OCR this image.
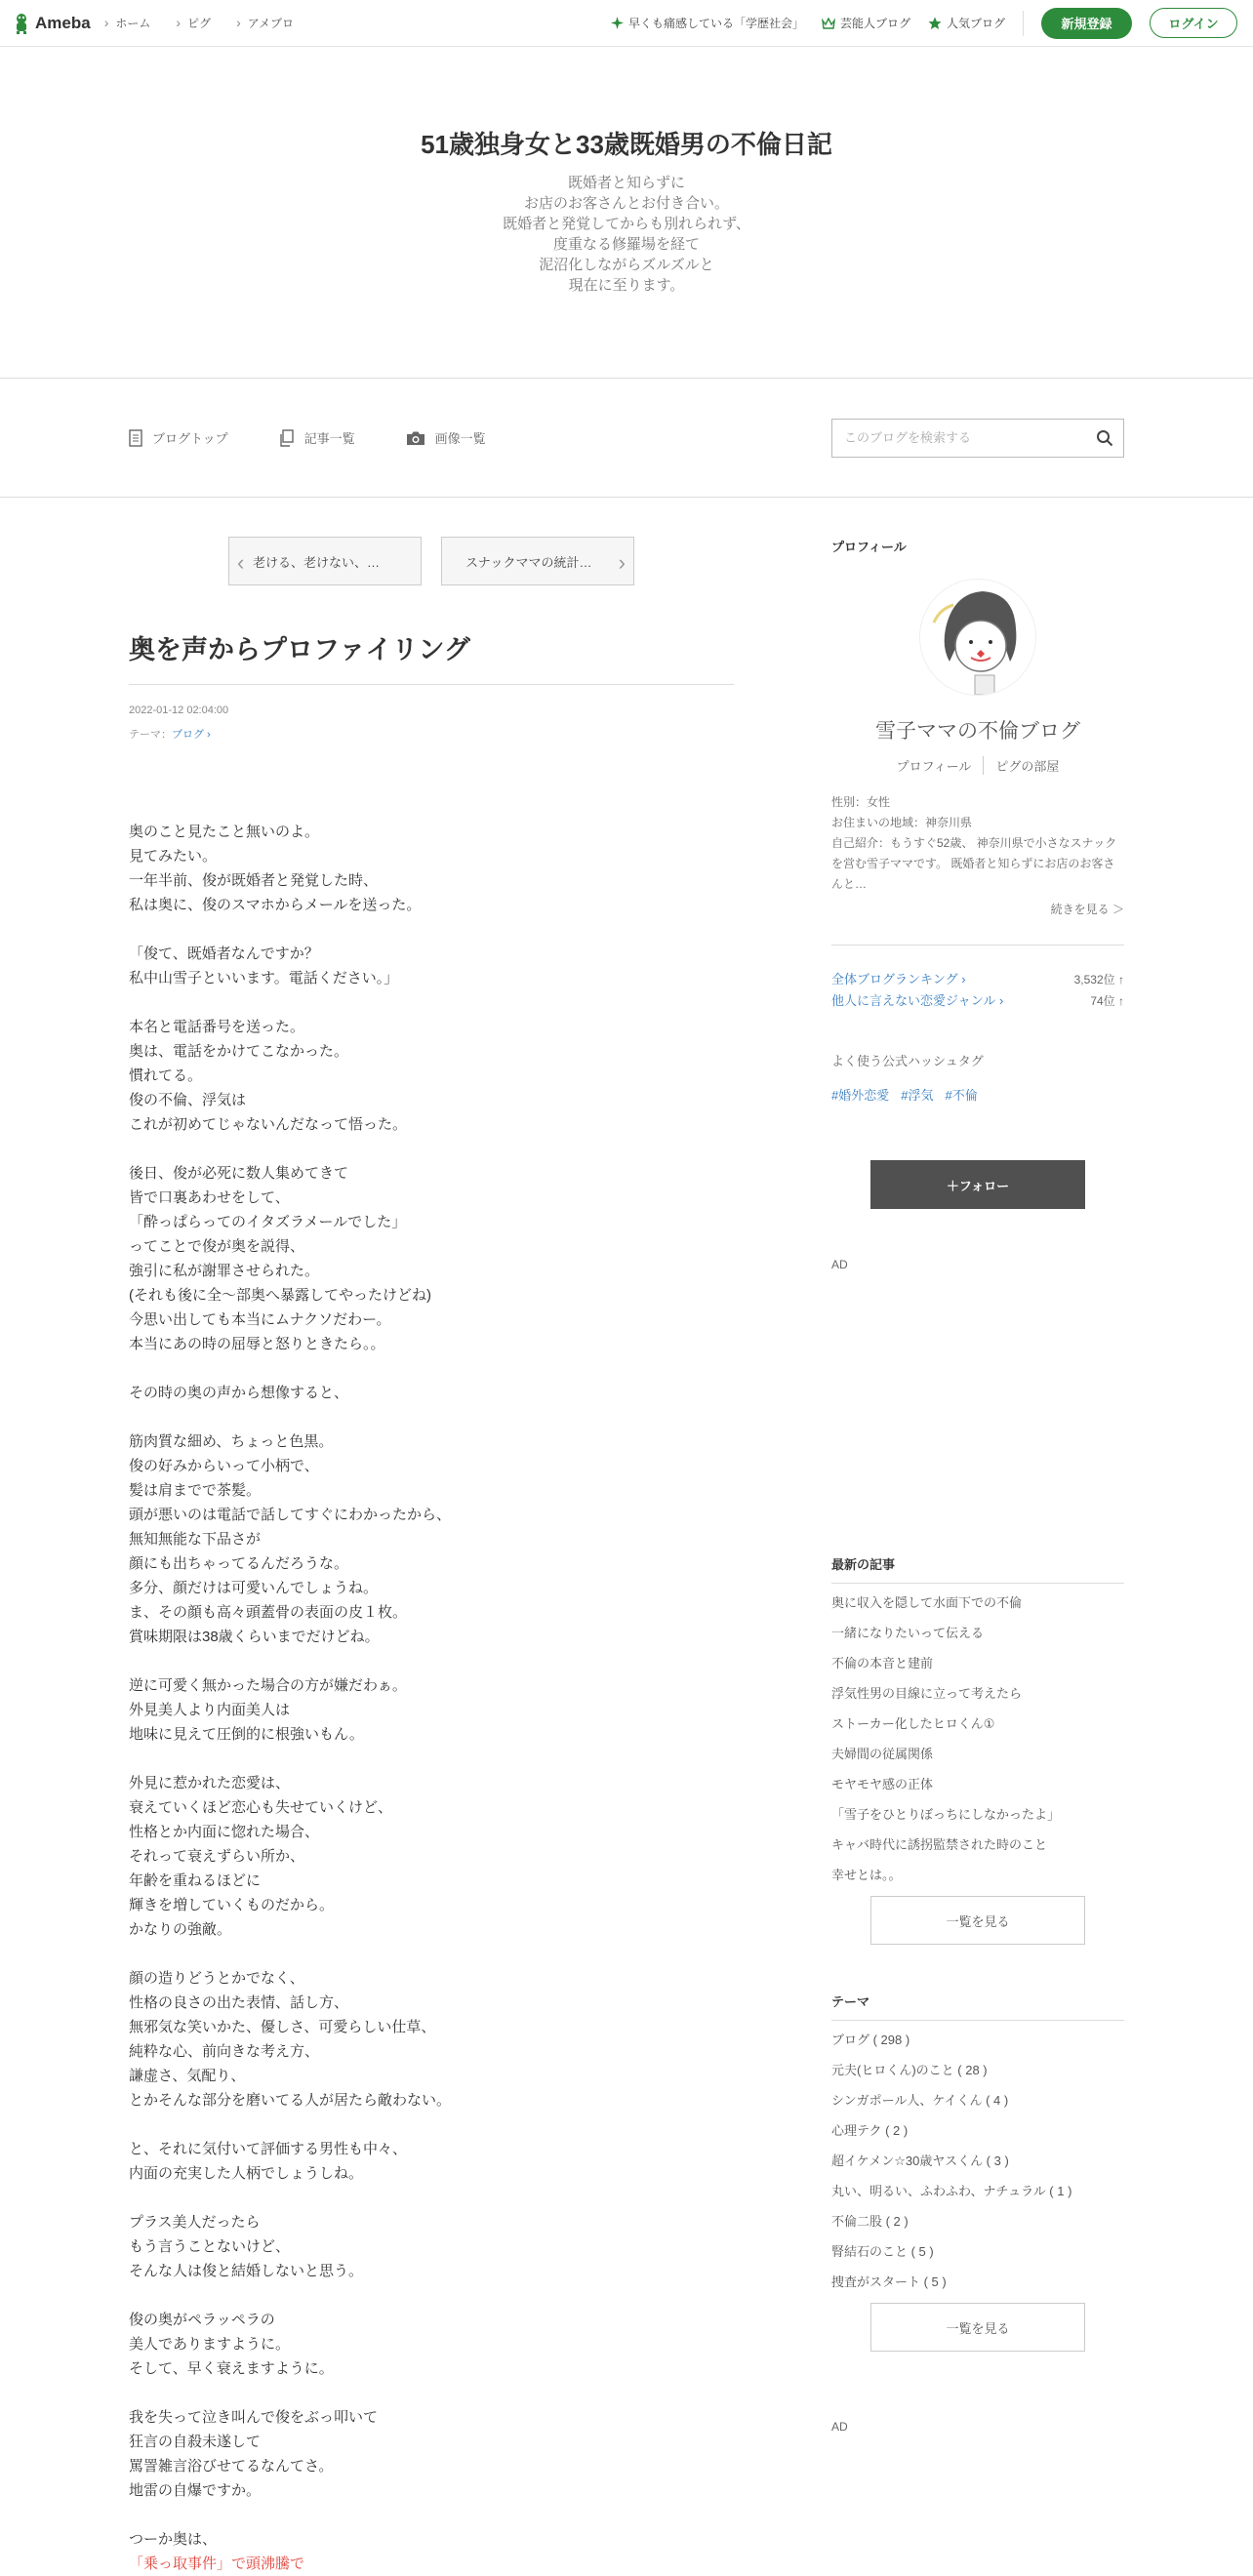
Ameba	› ホーム	› ピグ	› アメブロ	早くも痛感している「学歴社会」	芸能人ブログ	人気ブログ	新規登録	ログイン
51歳独身女と33歳既婚男の不倫日記

既婚者と知らずに
お店のお客さんとお付き合い。
既婚者と発覚してからも別れられず、
度重なる修羅場を経て
泥沼化しながらズルズルと
現在に至ります。

ブログトップ	記事一覧	画像一覧
このブログを検索する
‹ 老ける、老けない、…	スナックママの統計… ›
奥を声からプロファイリング
2022-01-12 02:04:00
テーマ：ブログ ›
奥のこと見たこと無いのよ。
見てみたい。
一年半前、俊が既婚者と発覚した時、
私は奥に、俊のスマホからメールを送った。

「俊て、既婚者なんですか？
私中山雪子といいます。電話ください。」

本名と電話番号を送った。
奥は、電話をかけてこなかった。
慣れてる。
俊の不倫、浮気は
これが初めてじゃないんだなって悟った。

後日、俊が必死に数人集めてきて
皆で口裏あわせをして、
「酔っぱらってのイタズラメールでした」
ってことで俊が奥を説得、
強引に私が謝罪させられた。
(それも後に全～部奥へ暴露してやったけどね)
今思い出しても本当にムナクソだわー。
本当にあの時の屈辱と怒りときたら。。

その時の奥の声から想像すると、

筋肉質な細め、ちょっと色黒。
俊の好みからいって小柄で、
髪は肩までで茶髪。
頭が悪いのは電話で話してすぐにわかったから、
無知無能な下品さが
顔にも出ちゃってるんだろうな。
多分、顔だけは可愛いんでしょうね。
ま、その顔も高々頭蓋骨の表面の皮１枚。
賞味期限は38歳くらいまでだけどね。

逆に可愛く無かった場合の方が嫌だわぁ。
外見美人より内面美人は
地味に見えて圧倒的に根強いもん。

外見に惹かれた恋愛は、
衰えていくほど恋心も失せていくけど、
性格とか内面に惚れた場合、
それって衰えずらい所か、
年齢を重ねるほどに
輝きを増していくものだから。
かなりの強敵。

顔の造りどうとかでなく、
性格の良さの出た表情、話し方、
無邪気な笑いかた、優しさ、可愛らしい仕草、
純粋な心、前向きな考え方、
謙虚さ、気配り、
とかそんな部分を磨いてる人が居たら敵わない。

と、それに気付いて評価する男性も中々、
内面の充実した人柄でしょうしね。

プラス美人だったら
もう言うことないけど、
そんな人は俊と結婚しないと思う。

俊の奥がペラッペラの
美人でありますように。
そして、早く衰えますように。

我を失って泣き叫んで俊をぶっ叩いて
狂言の自殺未遂して
罵詈雑言浴びせてるなんてさ。
地雷の自爆ですか。

つーか奥は、
「乗っ取事件」で頭沸騰で
プロフィール
雪子ママの不倫ブログ
プロフィール	ピグの部屋
性別：女性
お住まいの地域：神奈川県
自己紹介：もうすぐ52歳、 神奈川県で小さなスナックを営む雪子ママです。 既婚者と知らずにお店のお客さんと…
続きを見る ＞
全体ブログランキング ›	3,532位 ↑
他人に言えない恋愛ジャンル ›	74位 ↑
よく使う公式ハッシュタグ
#婚外恋愛 #浮気 #不倫
＋フォロー
AD
最新の記事
奥に収入を隠して水面下での不倫
一緒になりたいって伝える
不倫の本音と建前
浮気性男の目線に立って考えたら
ストーカー化したヒロくん①
夫婦間の従属関係
モヤモヤ感の正体
「雪子をひとりぼっちにしなかったよ」
キャバ時代に誘拐監禁された時のこと
幸せとは。。
一覧を見る
テーマ
ブログ ( 298 )
元夫(ヒロくん)のこと ( 28 )
シンガポール人、ケイくん ( 4 )
心理テク ( 2 )
超イケメン☆30歳ヤスくん ( 3 )
丸い、明るい、ふわふわ、ナチュラル ( 1 )
不倫二股 ( 2 )
腎結石のこと ( 5 )
捜査がスタート ( 5 )
一覧を見る
AD
